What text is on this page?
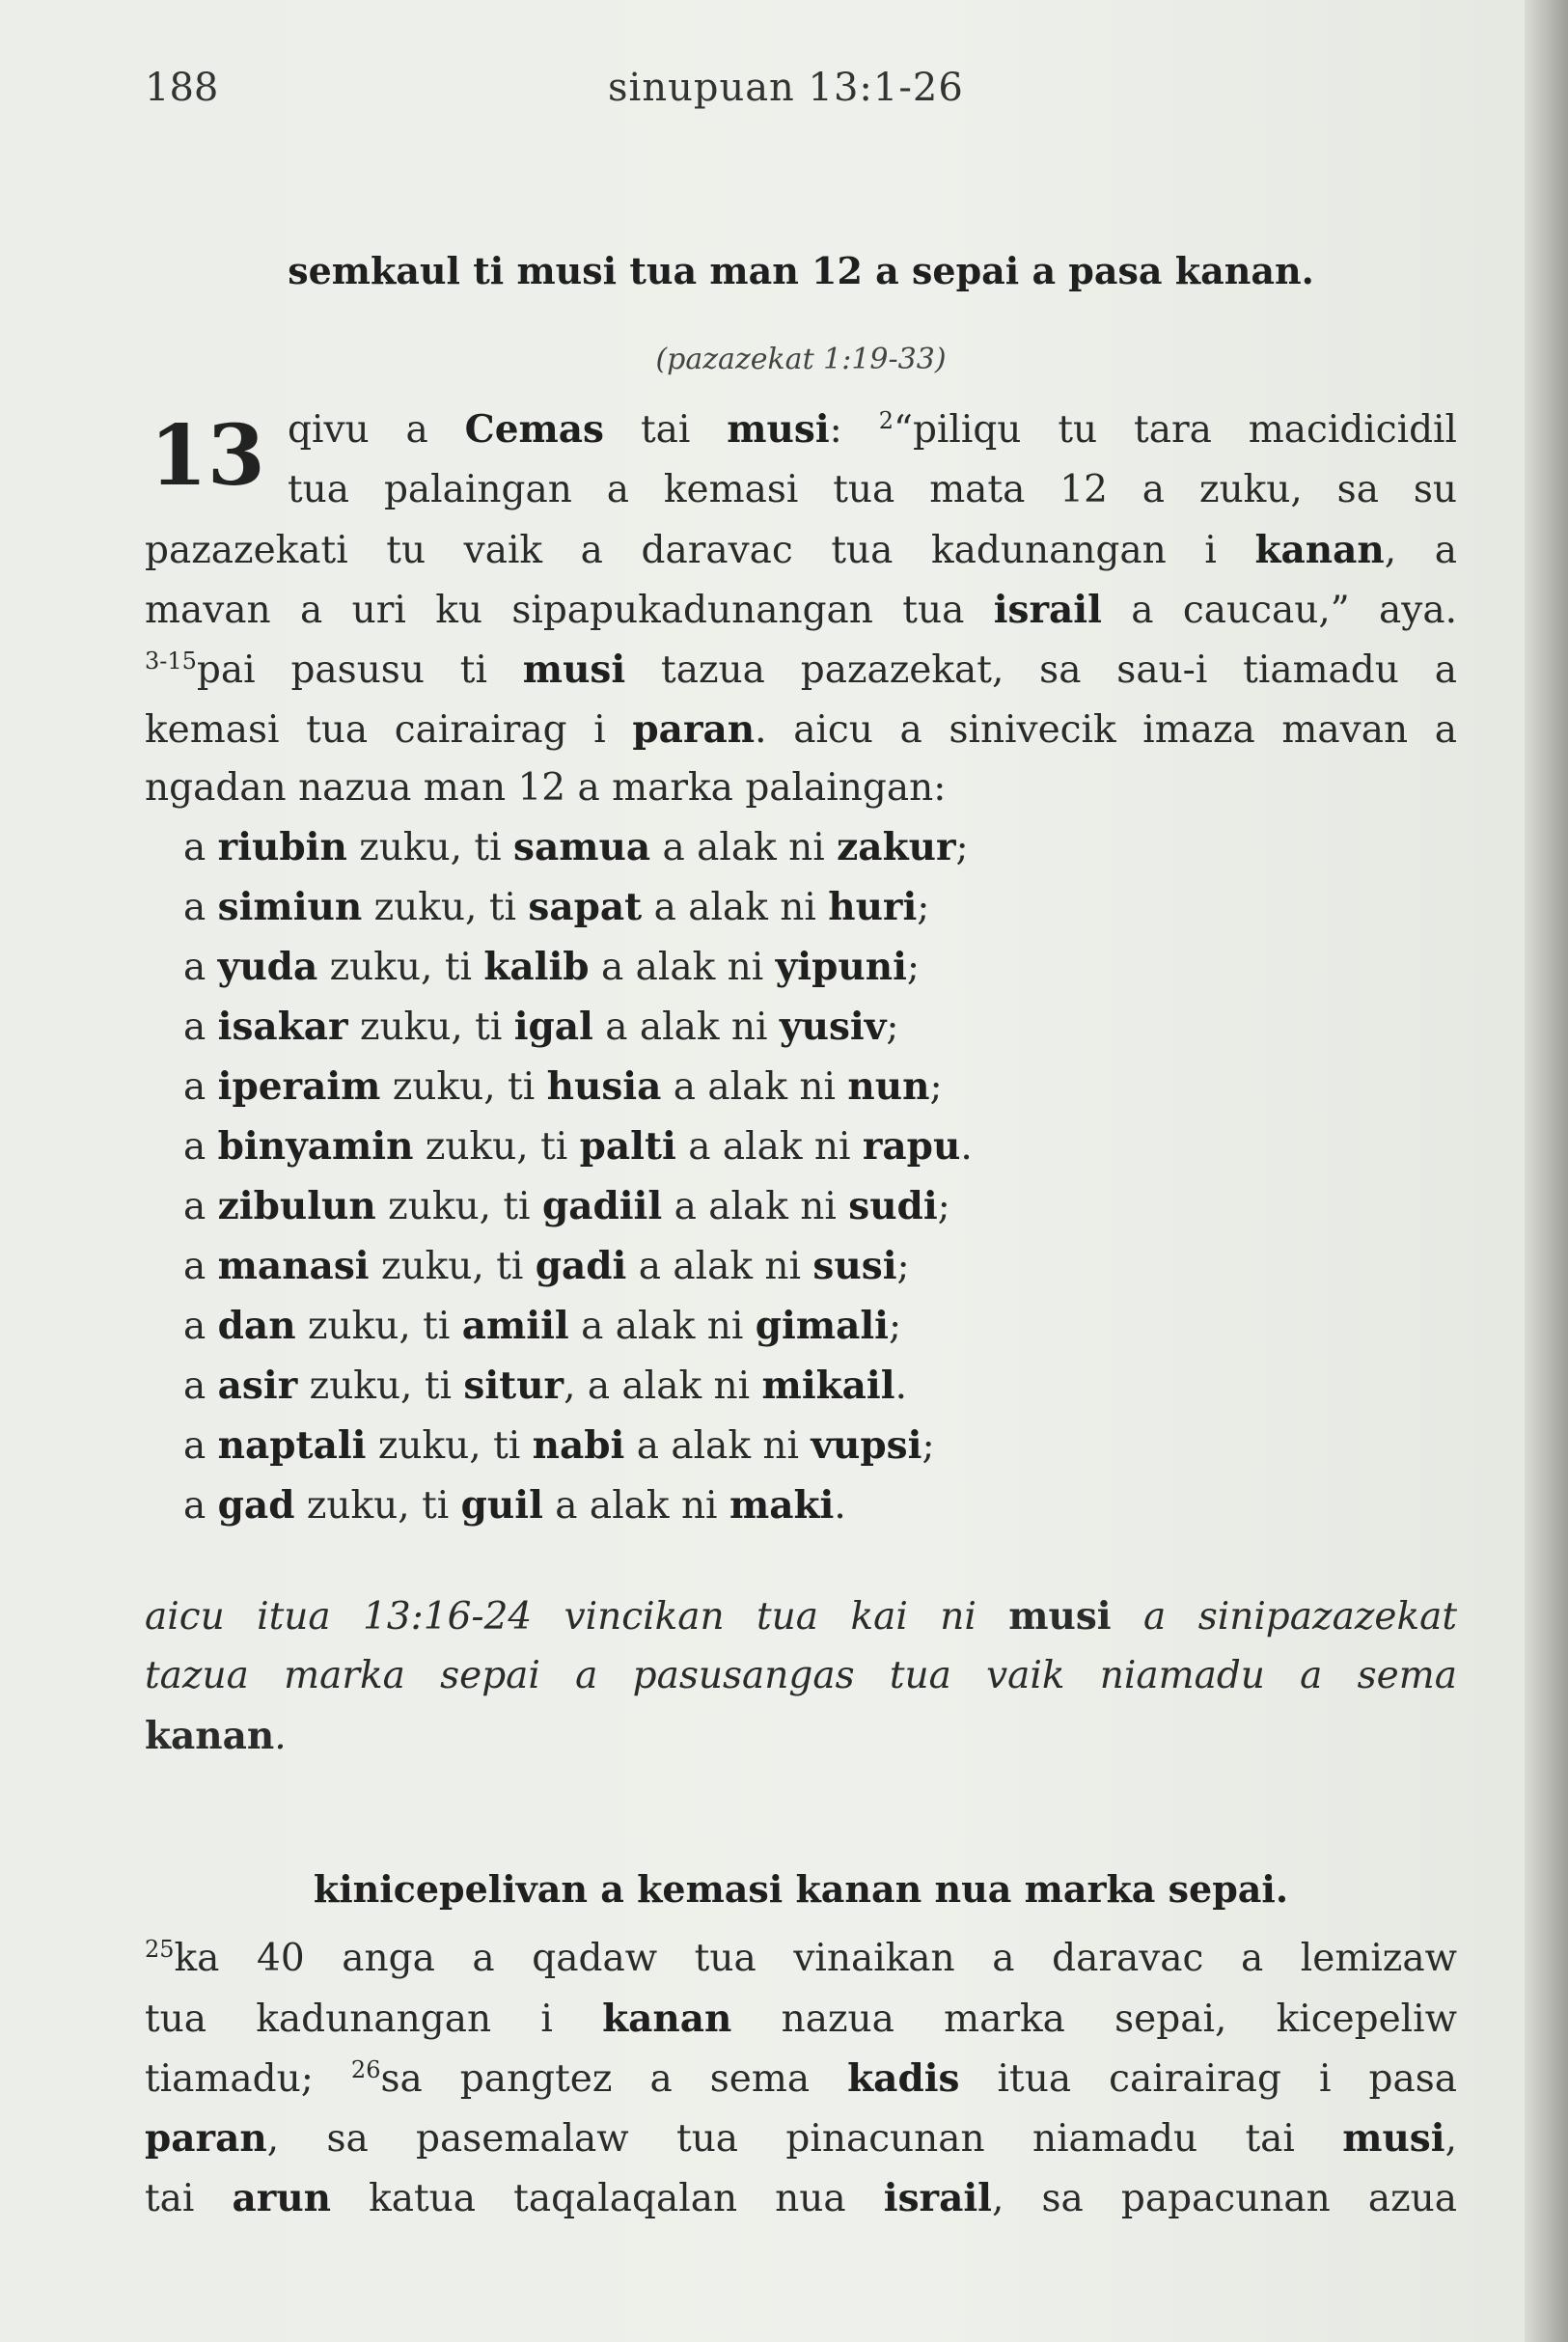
188	sinupuan 13:1-26
semkaul ti musi tua man 12 a sepai a pasa kanan.
(pazazekat 1:19-33)
13 qivu a Cemas tai musi: $^2$“piliqu tu tara macidicidil
tua palaingan a kemasi tua mata 12 a zuku, sa su
pazazekati tu vaik a daravac tua kadunangan i kanan, a
mavan a uri ku sipapukadunangan tua israil a caucau,” aya.
$^{3-15}$pai pasusu ti musi tazua pazazekat, sa sau-i tiamadu a
kemasi tua cairairag i paran. aicu a sinivecik imaza mavan a
ngadan nazua man 12 a marka palaingan:
a riubin zuku, ti samua a alak ni zakur;
a simiun zuku, ti sapat a alak ni huri;
a yuda zuku, ti kalib a alak ni yipuni;
a isakar zuku, ti igal a alak ni yusiv;
a iperaim zuku, ti husia a alak ni nun;
a binyamin zuku, ti palti a alak ni rapu.
a zibulun zuku, ti gadiil a alak ni sudi;
a manasi zuku, ti gadi a alak ni susi;
a dan zuku, ti amiil a alak ni gimali;
a asir zuku, ti situr, a alak ni mikail.
a naptali zuku, ti nabi a alak ni vupsi;
a gad zuku, ti guil a alak ni maki.
aicu itua 13:16-24 vincikan tua kai ni musi a sinipazazekat
tazua marka sepai a pasusangas tua vaik niamadu a sema
kanan.
kinicepelivan a kemasi kanan nua marka sepai.
$^{25}$ka 40 anga a qadaw tua vinaikan a daravac a lemizaw
tua kadunangan i kanan nazua marka sepai, kicepeliw
tiamadu; $^{26}$sa pangtez a sema kadis itua cairairag i pasa
paran, sa pasemalaw tua pinacunan niamadu tai musi,
tai arun katua taqalaqalan nua israil, sa papacunan azua
